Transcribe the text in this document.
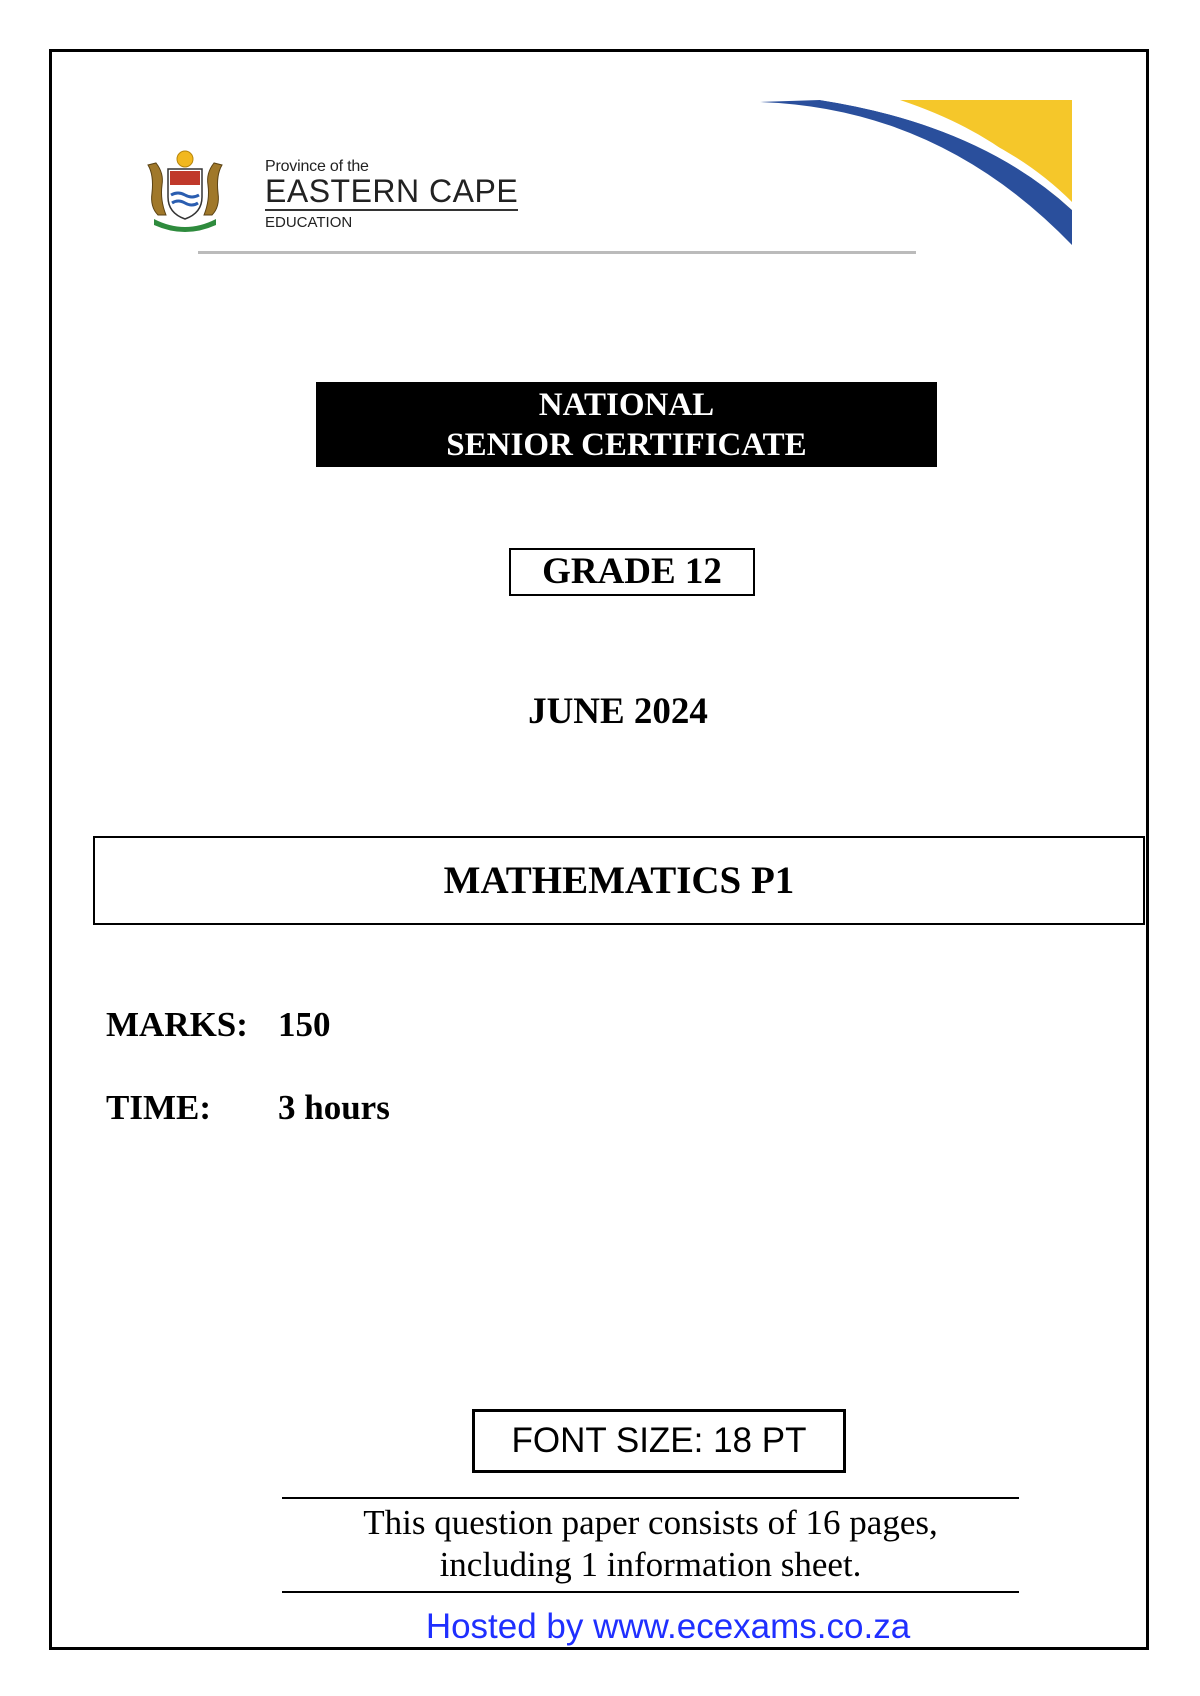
Province of the
EASTERN CAPE
EDUCATION
NATIONAL
SENIOR CERTIFICATE
GRADE 12
JUNE 2024
MATHEMATICS P1
MARKS: 150
TIME: 3 hours
FONT SIZE: 18 PT
This question paper consists of 16 pages,
including 1 information sheet.
Hosted by www.ecexams.co.za
